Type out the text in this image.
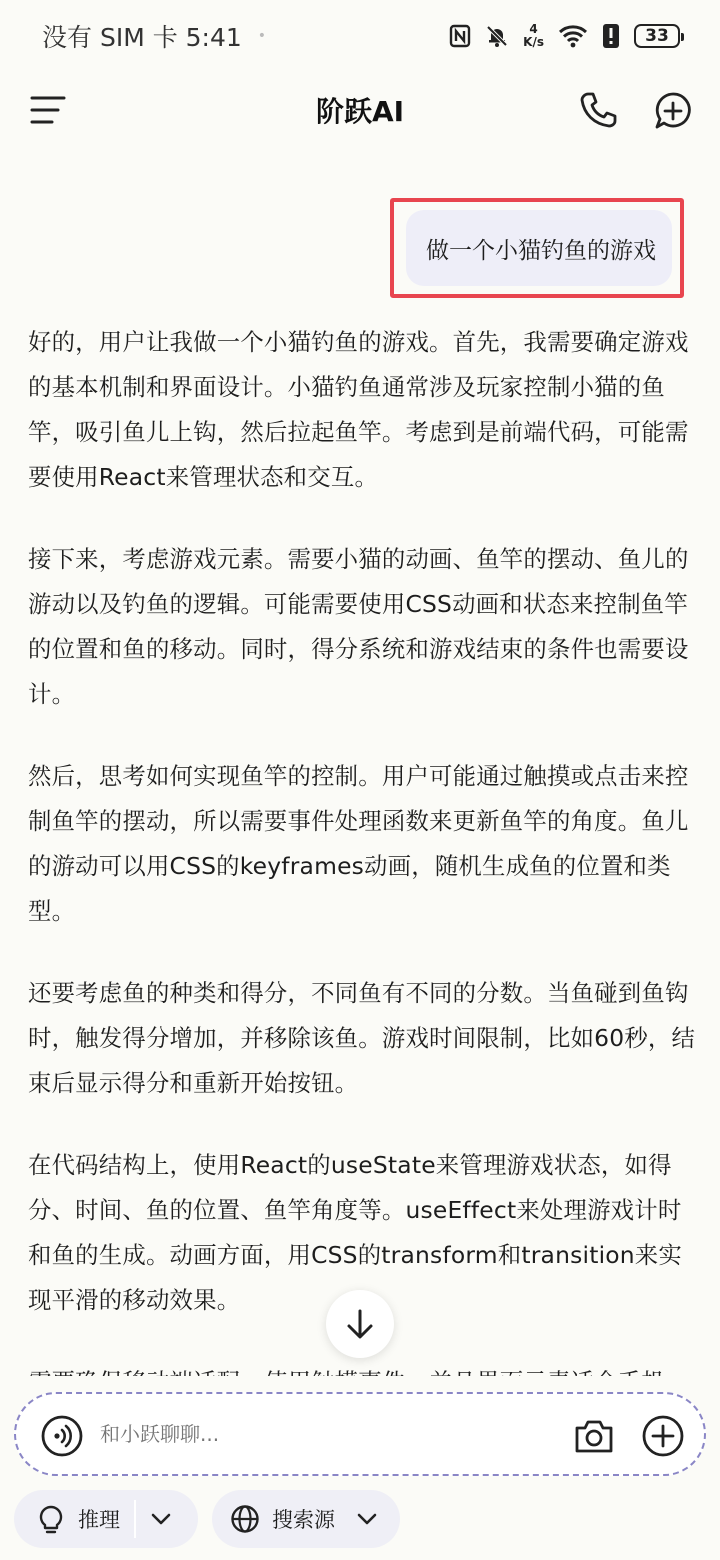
没有 SIM 卡 5:41 •	4
K/s	33
阶跃AI
做一个小猫钓鱼的游戏

好的，用户让我做一个小猫钓鱼的游戏。首先，我需要确定游戏的基本机制和界面设计。小猫钓鱼通常涉及玩家控制小猫的鱼竿，吸引鱼儿上钩，然后拉起鱼竿。考虑到是前端代码，可能需要使用React来管理状态和交互。

接下来，考虑游戏元素。需要小猫的动画、鱼竿的摆动、鱼儿的游动以及钓鱼的逻辑。可能需要使用CSS动画和状态来控制鱼竿的位置和鱼的移动。同时，得分系统和游戏结束的条件也需要设计。

然后，思考如何实现鱼竿的控制。用户可能通过触摸或点击来控制鱼竿的摆动，所以需要事件处理函数来更新鱼竿的角度。鱼儿的游动可以用CSS的keyframes动画，随机生成鱼的位置和类型。

还要考虑鱼的种类和得分，不同鱼有不同的分数。当鱼碰到鱼钩时，触发得分增加，并移除该鱼。游戏时间限制，比如60秒，结束后显示得分和重新开始按钮。

在代码结构上，使用React的useState来管理游戏状态，如得分、时间、鱼的位置、鱼竿角度等。useEffect来处理游戏计时和鱼的生成。动画方面，用CSS的transform和transition来实现平滑的移动效果。

和小跃聊聊...
推理	搜索源
